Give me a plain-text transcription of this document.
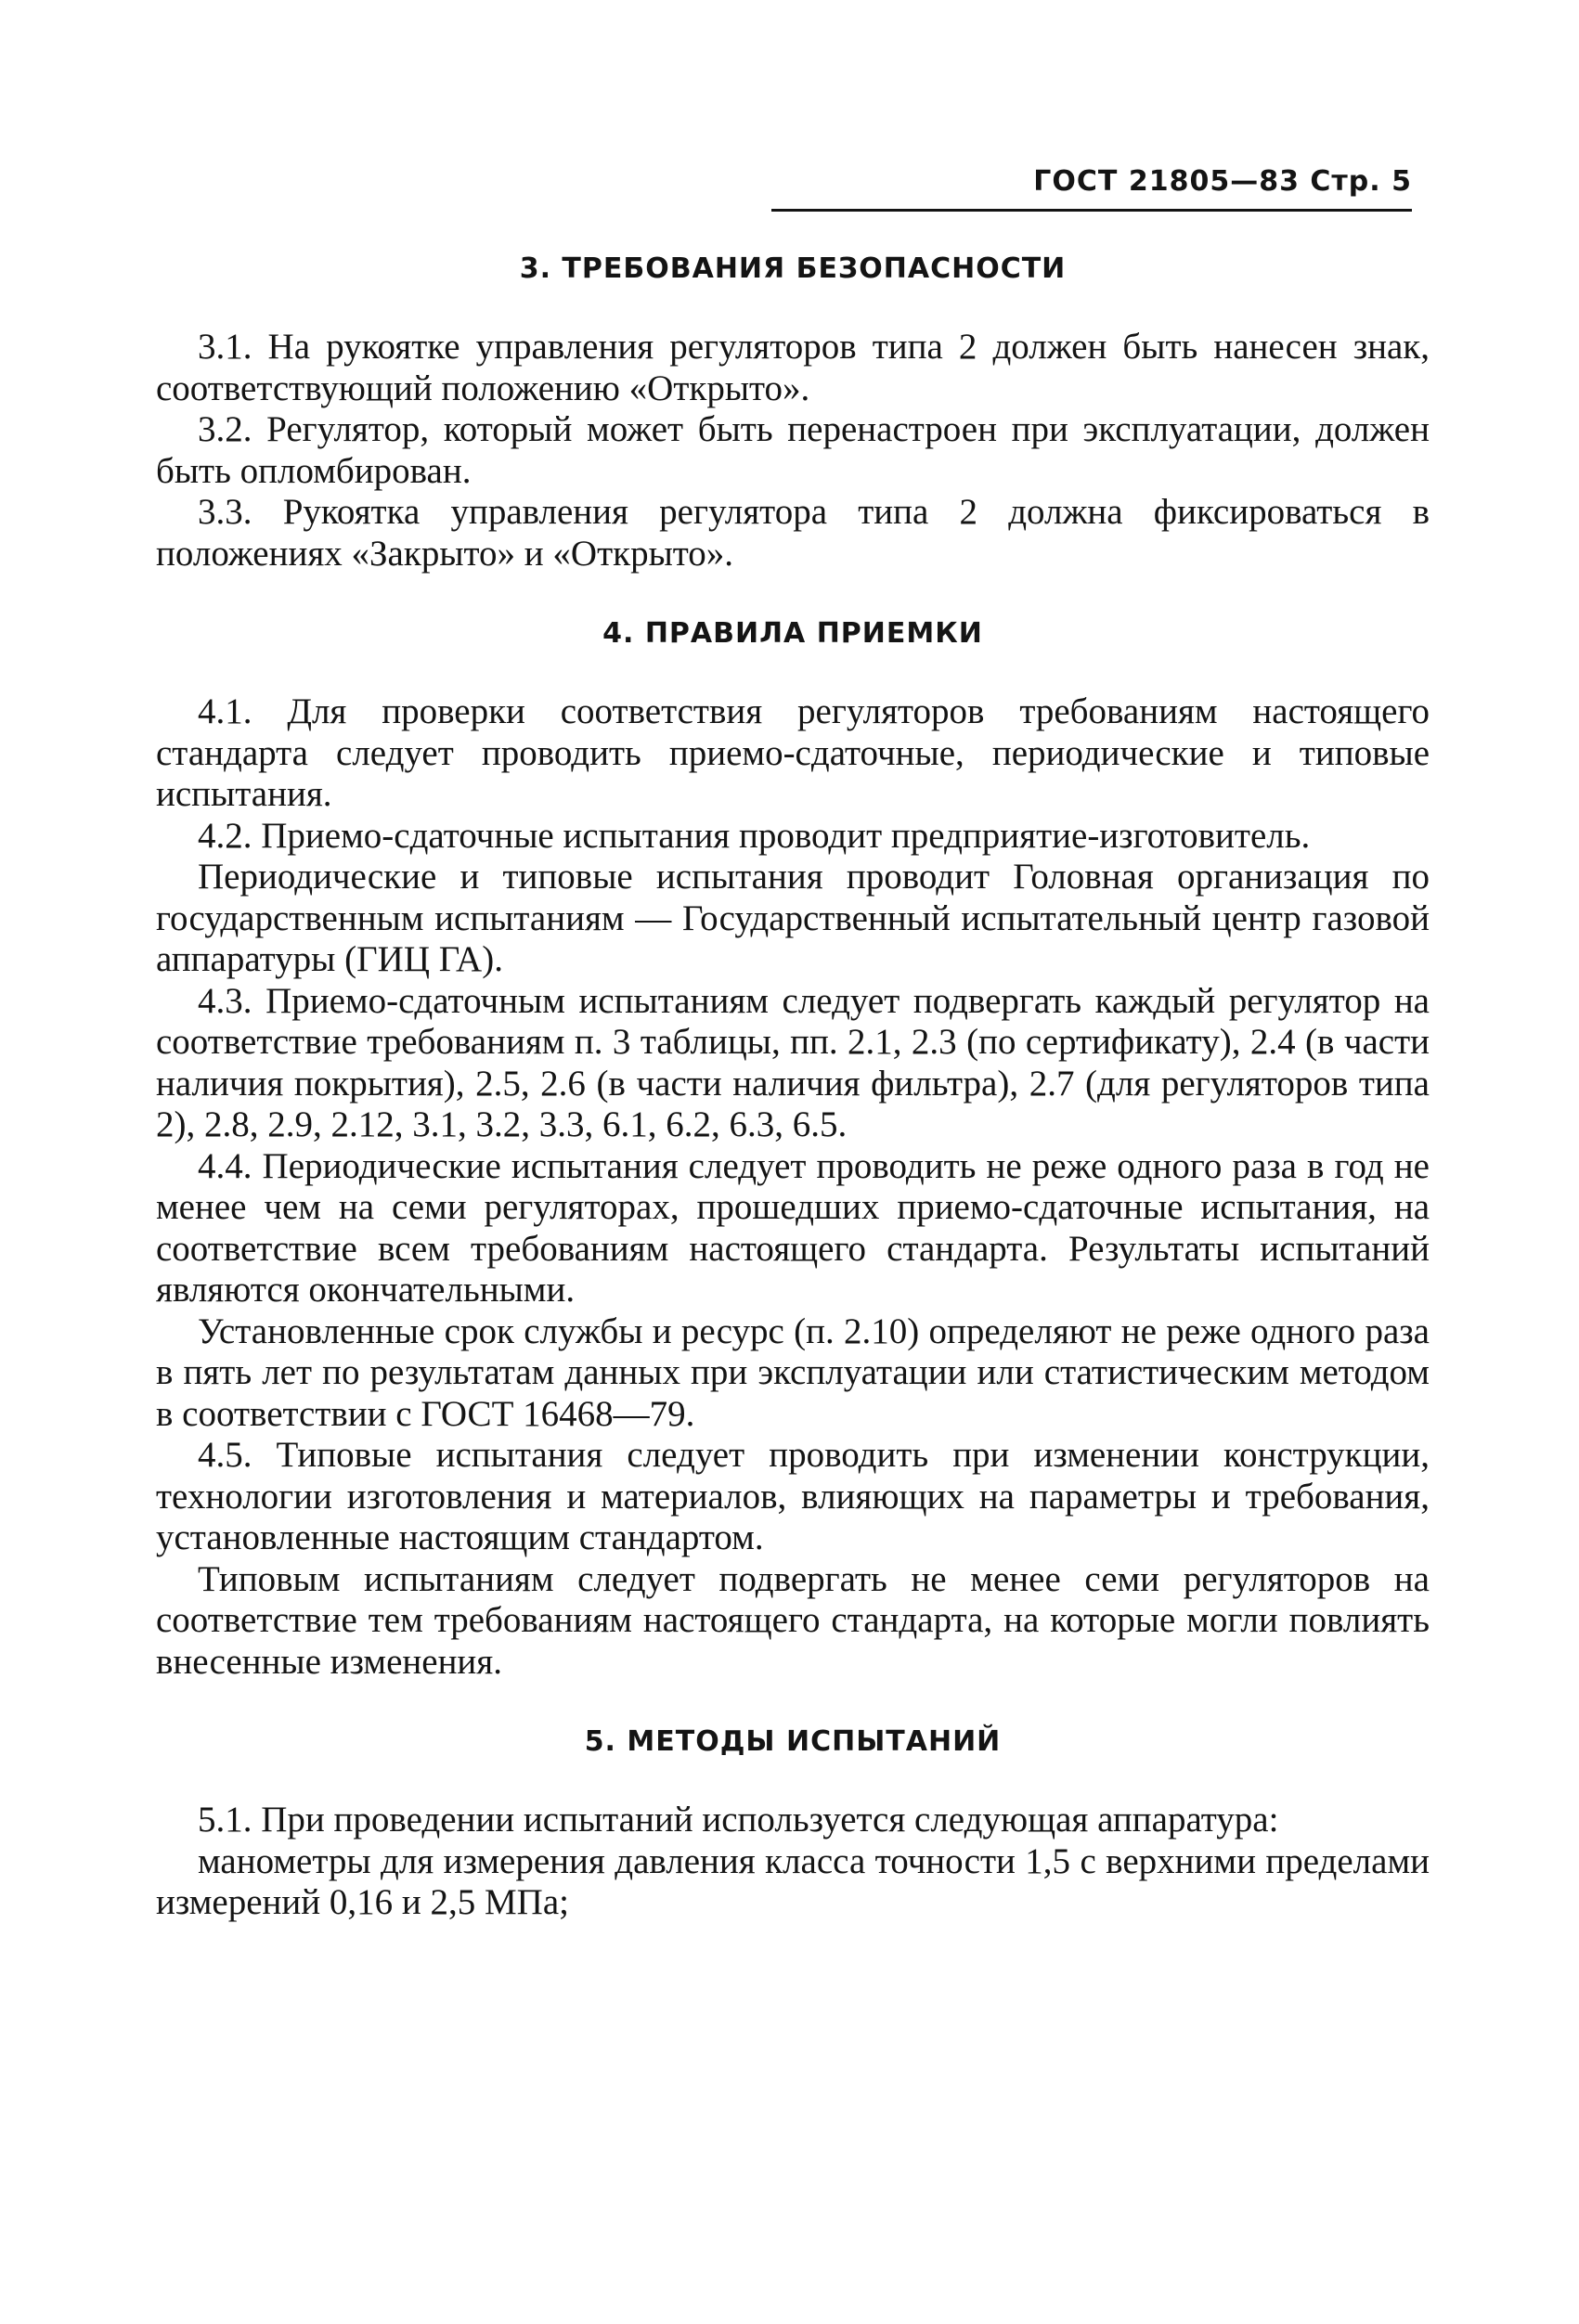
ГОСТ 21805—83 Стр. 5
3. ТРЕБОВАНИЯ БЕЗОПАСНОСТИ

3.1. На рукоятке управления регуляторов типа 2 должен быть нанесен знак, соответствующий положению «Открыто».

3.2. Регулятор, который может быть перенастроен при эксплуатации, должен быть опломбирован.

3.3. Рукоятка управления регулятора типа 2 должна фиксироваться в положениях «Закрыто» и «Открыто».

4. ПРАВИЛА ПРИЕМКИ

4.1. Для проверки соответствия регуляторов требованиям настоящего стандарта следует проводить приемо-сдаточные, периодические и типовые испытания.

4.2. Приемо-сдаточные испытания проводит предприятие-изготовитель.

Периодические и типовые испытания проводит Головная организация по государственным испытаниям — Государственный испытательный центр газовой аппаратуры (ГИЦ ГА).

4.3. Приемо-сдаточным испытаниям следует подвергать каждый регулятор на соответствие требованиям п. 3 таблицы, пп. 2.1, 2.3 (по сертификату), 2.4 (в части наличия покрытия), 2.5, 2.6 (в части наличия фильтра), 2.7 (для регуляторов типа 2), 2.8, 2.9, 2.12, 3.1, 3.2, 3.3, 6.1, 6.2, 6.3, 6.5.

4.4. Периодические испытания следует проводить не реже одного раза в год не менее чем на семи регуляторах, прошедших приемо-сдаточные испытания, на соответствие всем требованиям настоящего стандарта. Результаты испытаний являются окончательными.

Установленные срок службы и ресурс (п. 2.10) определяют не реже одного раза в пять лет по результатам данных при эксплуатации или статистическим методом в соответствии с ГОСТ 16468—79.

4.5. Типовые испытания следует проводить при изменении конструкции, технологии изготовления и материалов, влияющих на параметры и требования, установленные настоящим стандартом.

Типовым испытаниям следует подвергать не менее семи регуляторов на соответствие тем требованиям настоящего стандарта, на которые могли повлиять внесенные изменения.

5. МЕТОДЫ ИСПЫТАНИЙ

5.1. При проведении испытаний используется следующая аппаратура:

манометры для измерения давления класса точности 1,5 с верхними пределами измерений 0,16 и 2,5 МПа;
